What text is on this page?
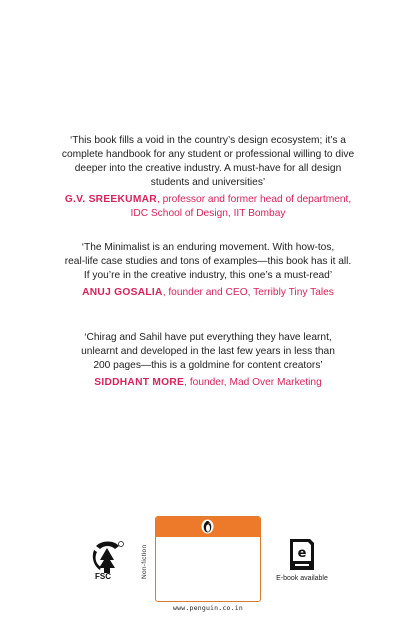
‘This book fills a void in the country’s design ecosystem; it’s a
complete handbook for any student or professional willing to dive
deeper into the creative industry. A must-have for all design
students and universities’

G.V. SREEKUMAR, professor and former head of department,
IDC School of Design, IIT Bombay

‘The Minimalist is an enduring movement. With how-tos,
real-life case studies and tons of examples—this book has it all.
If you’re in the creative industry, this one’s a must-read’

ANUJ GOSALIA, founder and CEO, Terribly Tiny Tales

‘Chirag and Sahil have put everything they have learnt,
unlearnt and developed in the last few years in less than
200 pages—this is a goldmine for content creators’

SIDDHANT MORE, founder, Mad Over Marketing

FSC	Non-fiction	e
E-book available
www.penguin.co.in
